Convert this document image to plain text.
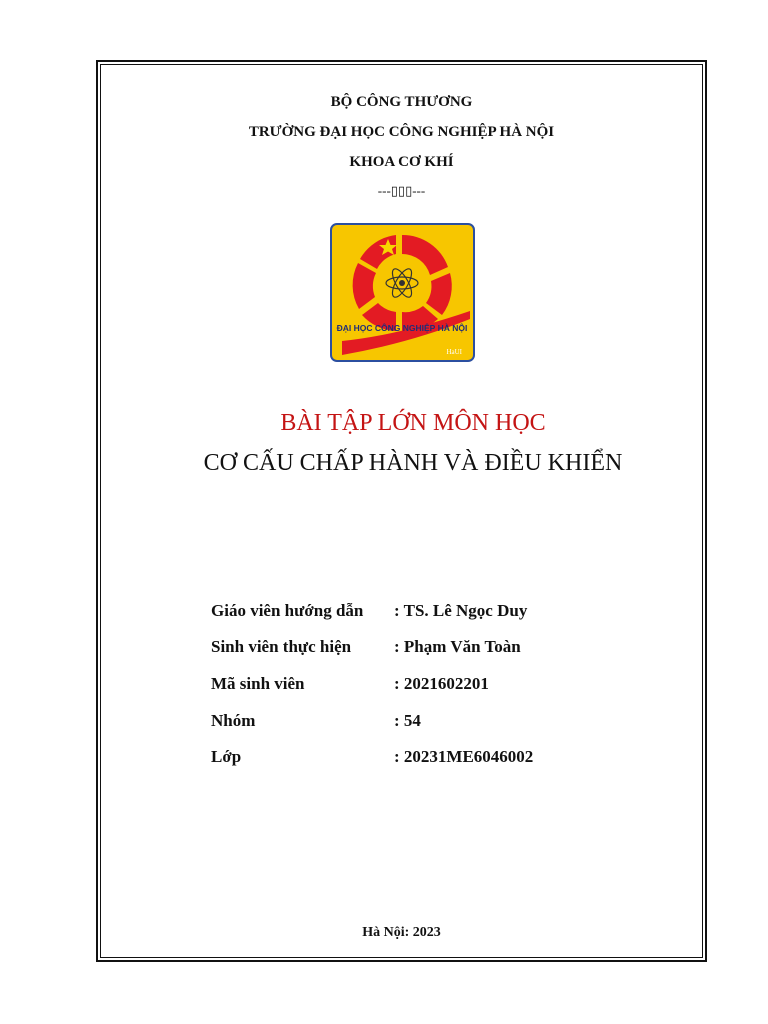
BỘ CÔNG THƯƠNG
TRƯỜNG ĐẠI HỌC CÔNG NGHIỆP HÀ NỘI
KHOA CƠ KHÍ
---▯▯▯---
ĐẠI HỌC CÔNG NGHIỆP HÀ NỘI
HaUI
BÀI TẬP LỚN MÔN HỌC
CƠ CẤU CHẤP HÀNH VÀ ĐIỀU KHIỂN
Giáo viên hướng dẫn : TS. Lê Ngọc Duy
Sinh viên thực hiện	: Phạm Văn Toàn
Mã sinh viên	: 2021602201
Nhóm	: 54
Lớp	: 20231ME6046002
Hà Nội: 2023
